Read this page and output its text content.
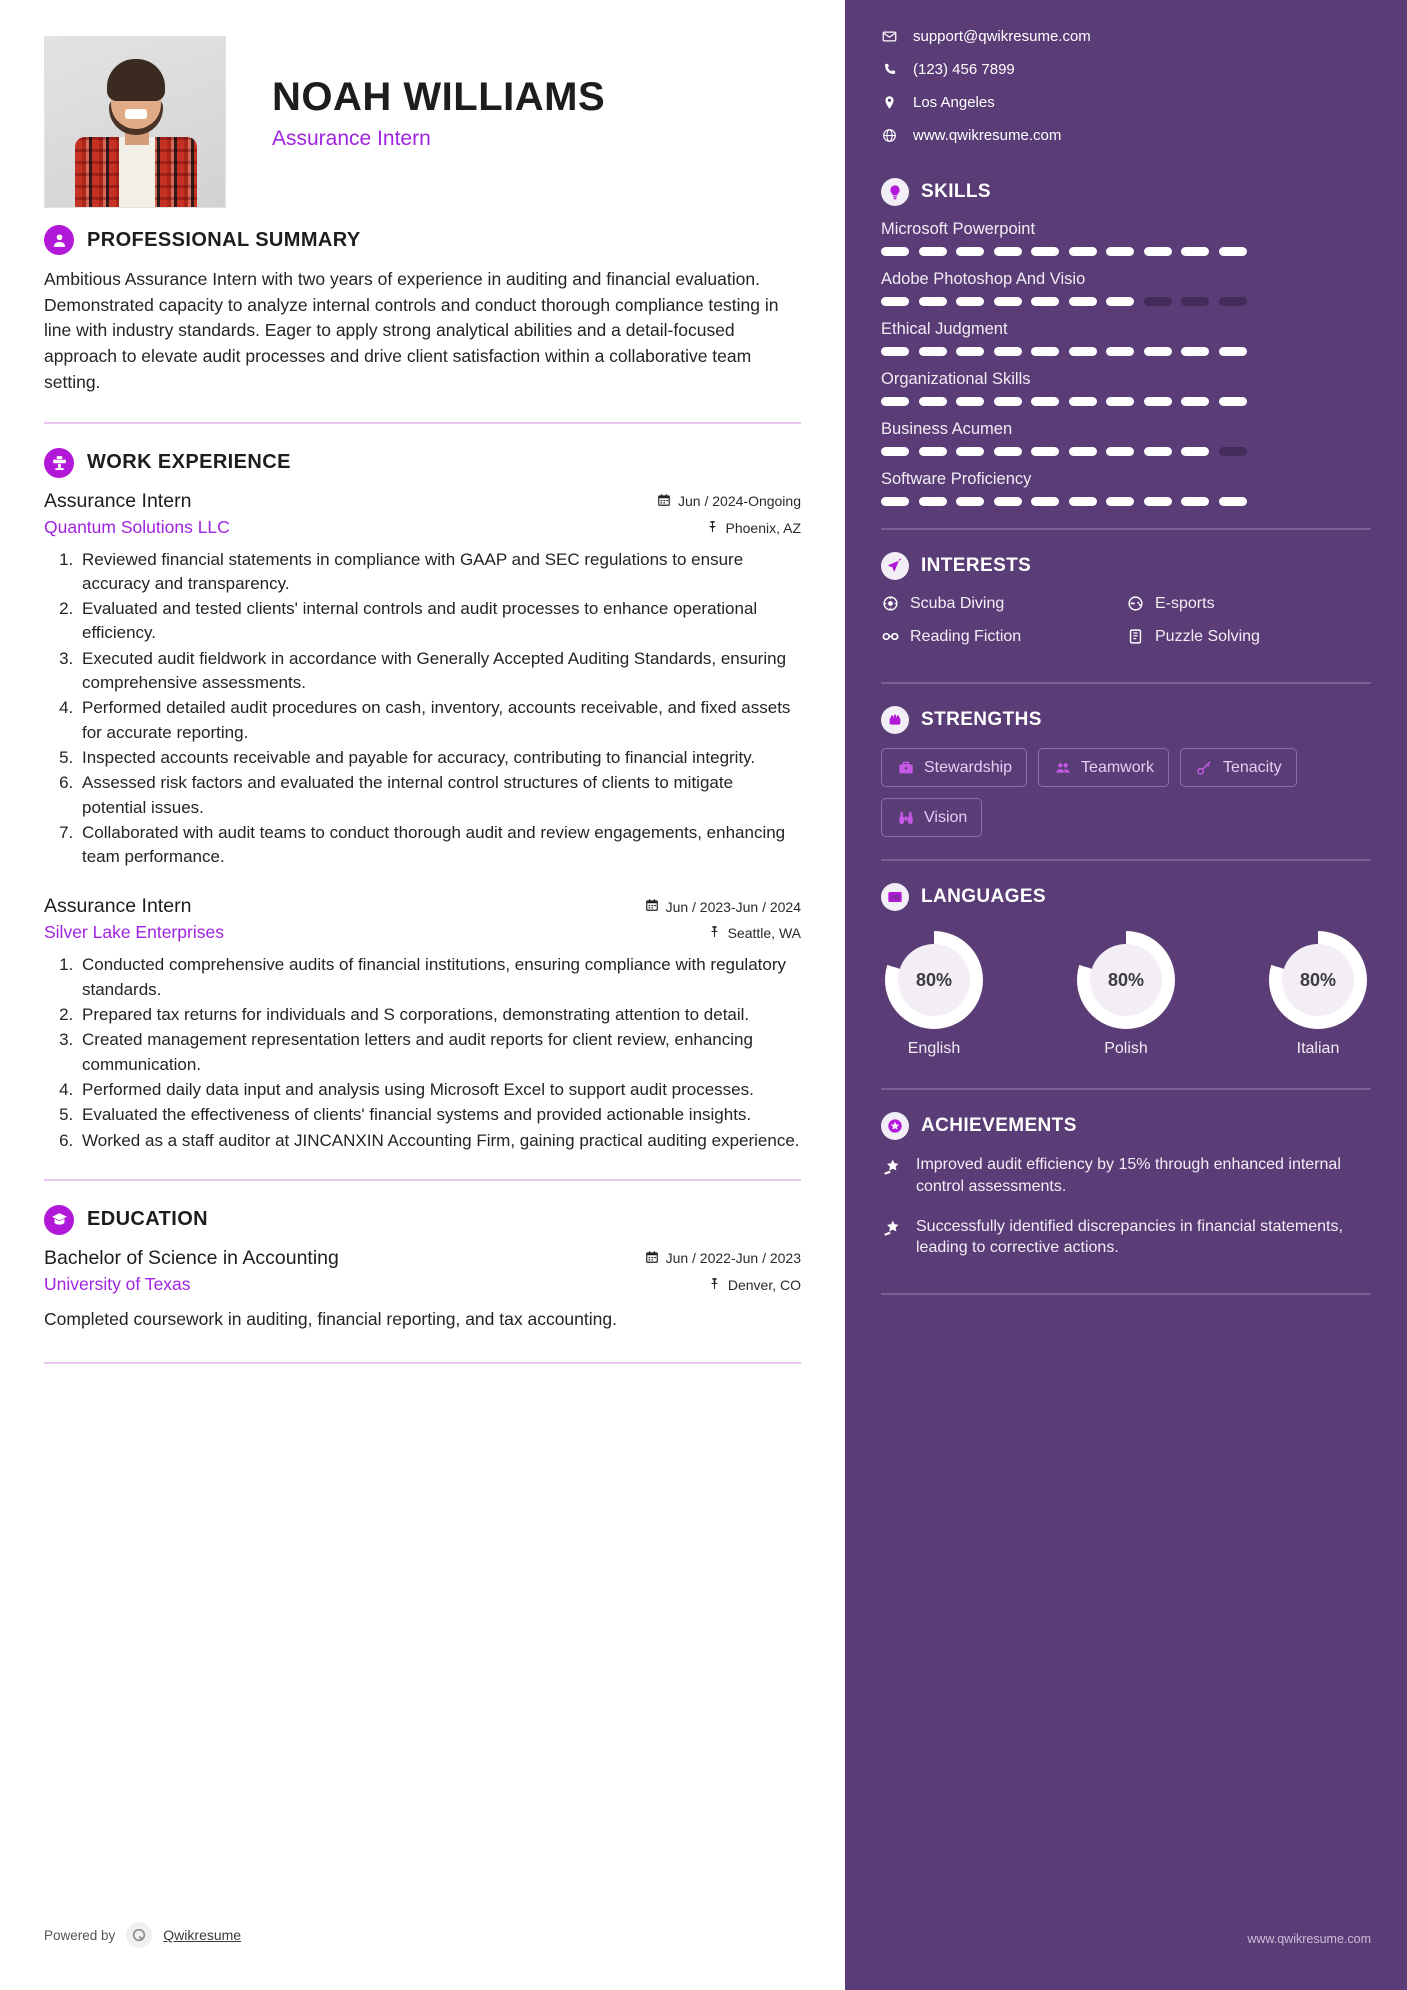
NOAH WILLIAMS
Assurance Intern
PROFESSIONAL SUMMARY
Ambitious Assurance Intern with two years of experience in auditing and financial evaluation. Demonstrated capacity to analyze internal controls and conduct thorough compliance testing in line with industry standards. Eager to apply strong analytical abilities and a detail-focused approach to elevate audit processes and drive client satisfaction within a collaborative team setting.
WORK EXPERIENCE
Assurance Intern	Jun / 2024-Ongoing
Quantum Solutions LLC	Phoenix, AZ
1. Reviewed financial statements in compliance with GAAP and SEC regulations to ensure accuracy and transparency.
2. Evaluated and tested clients' internal controls and audit processes to enhance operational efficiency.
3. Executed audit fieldwork in accordance with Generally Accepted Auditing Standards, ensuring comprehensive assessments.
4. Performed detailed audit procedures on cash, inventory, accounts receivable, and fixed assets for accurate reporting.
5. Inspected accounts receivable and payable for accuracy, contributing to financial integrity.
6. Assessed risk factors and evaluated the internal control structures of clients to mitigate potential issues.
7. Collaborated with audit teams to conduct thorough audit and review engagements, enhancing team performance.
Assurance Intern	Jun / 2023-Jun / 2024
Silver Lake Enterprises	Seattle, WA
1. Conducted comprehensive audits of financial institutions, ensuring compliance with regulatory standards.
2. Prepared tax returns for individuals and S corporations, demonstrating attention to detail.
3. Created management representation letters and audit reports for client review, enhancing communication.
4. Performed daily data input and analysis using Microsoft Excel to support audit processes.
5. Evaluated the effectiveness of clients' financial systems and provided actionable insights.
6. Worked as a staff auditor at JINCANXIN Accounting Firm, gaining practical auditing experience.
EDUCATION
Bachelor of Science in Accounting	Jun / 2022-Jun / 2023
University of Texas	Denver, CO
Completed coursework in auditing, financial reporting, and tax accounting.
Powered by	Qwikresume
support@qwikresume.com
(123) 456 7899
Los Angeles
www.qwikresume.com
SKILLS
Microsoft Powerpoint
Adobe Photoshop And Visio
Ethical Judgment
Organizational Skills
Business Acumen
Software Proficiency
INTERESTS
Scuba Diving	E-sports
Reading Fiction	Puzzle Solving
STRENGTHS
Stewardship	Teamwork	Tenacity
Vision
AB LANGUAGES
80%
English
80%
Polish
80%
Italian
ACHIEVEMENTS
Improved audit efficiency by 15% through enhanced internal control assessments.
Successfully identified discrepancies in financial statements, leading to corrective actions.
www.qwikresume.com
